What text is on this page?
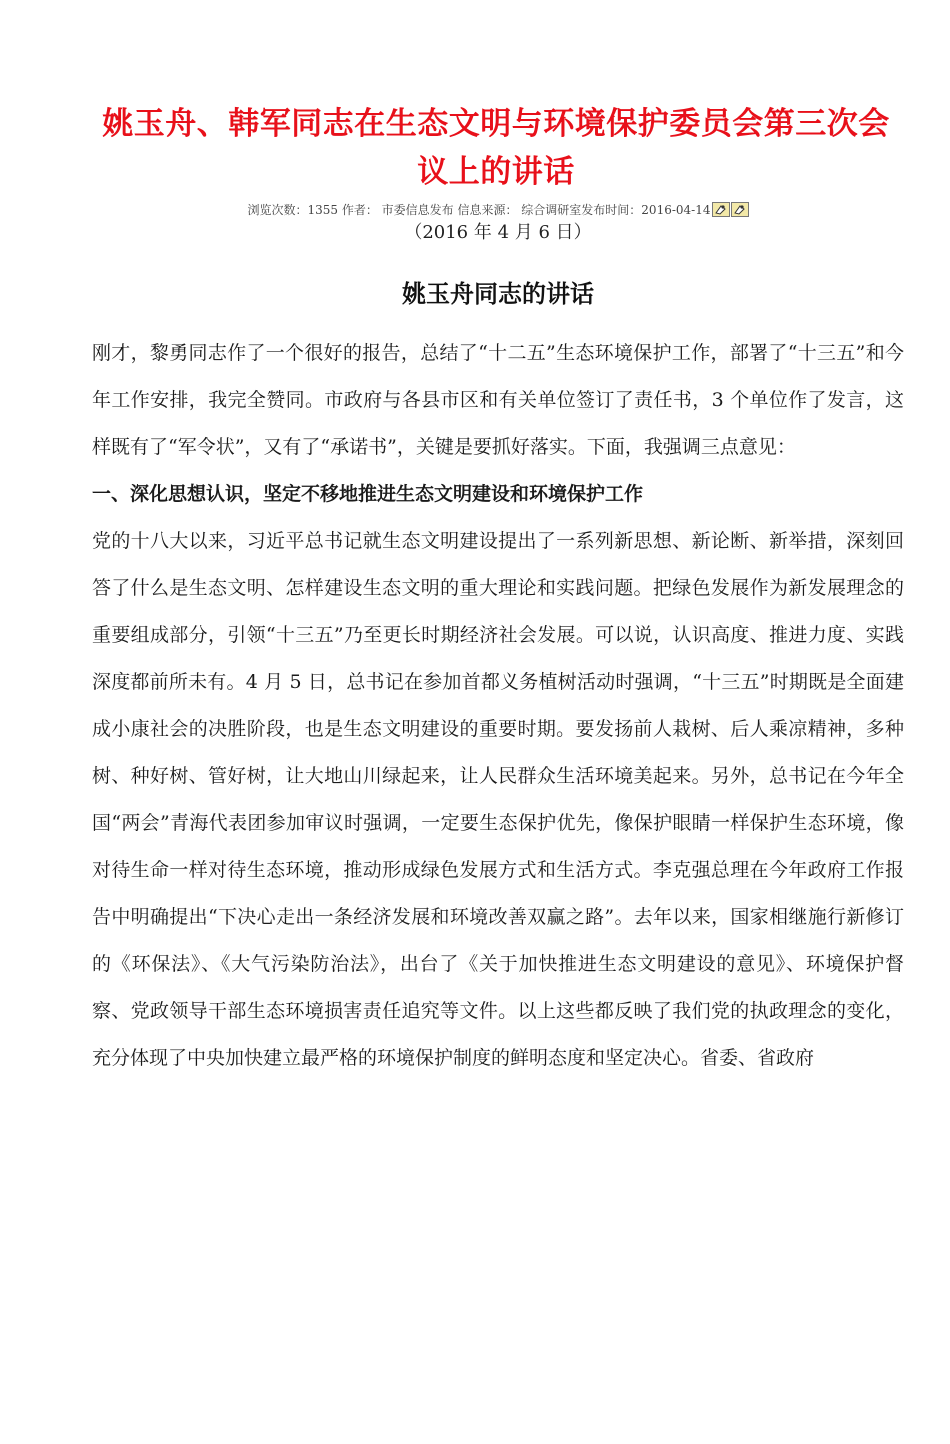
姚玉舟、韩军同志在生态文明与环境保护委员会第三次会议上的讲话
浏览次数：1355 作者： 市委信息发布 信息来源： 综合调研室发布时间：2016-04-14
（2016 年 4 月 6 日）
姚玉舟同志的讲话

刚才，黎勇同志作了一个很好的报告，总结了“十二五”生态环境保护工作，部署了“十三五”和今年工作安排，我完全赞同。市政府与各县市区和有关单位签订了责任书，3 个单位作了发言，这样既有了“军令状”，又有了“承诺书”，关键是要抓好落实。下面，我强调三点意见：

一、深化思想认识，坚定不移地推进生态文明建设和环境保护工作

党的十八大以来，习近平总书记就生态文明建设提出了一系列新思想、新论断、新举措，深刻回答了什么是生态文明、怎样建设生态文明的重大理论和实践问题。把绿色发展作为新发展理念的重要组成部分，引领“十三五”乃至更长时期经济社会发展。可以说，认识高度、推进力度、实践深度都前所未有。4 月 5 日，总书记在参加首都义务植树活动时强调，“十三五”时期既是全面建成小康社会的决胜阶段，也是生态文明建设的重要时期。要发扬前人栽树、后人乘凉精神，多种树、种好树、管好树，让大地山川绿起来，让人民群众生活环境美起来。另外，总书记在今年全国“两会”青海代表团参加审议时强调，一定要生态保护优先，像保护眼睛一样保护生态环境，像对待生命一样对待生态环境，推动形成绿色发展方式和生活方式。李克强总理在今年政府工作报告中明确提出“下决心走出一条经济发展和环境改善双赢之路”。去年以来，国家相继施行新修订的《环保法》、《大气污染防治法》，出台了《关于加快推进生态文明建设的意见》、环境保护督察、党政领导干部生态环境损害责任追究等文件。以上这些都反映了我们党的执政理念的变化，充分体现了中央加快建立最严格的环境保护制度的鲜明态度和坚定决心。省委、省政府
